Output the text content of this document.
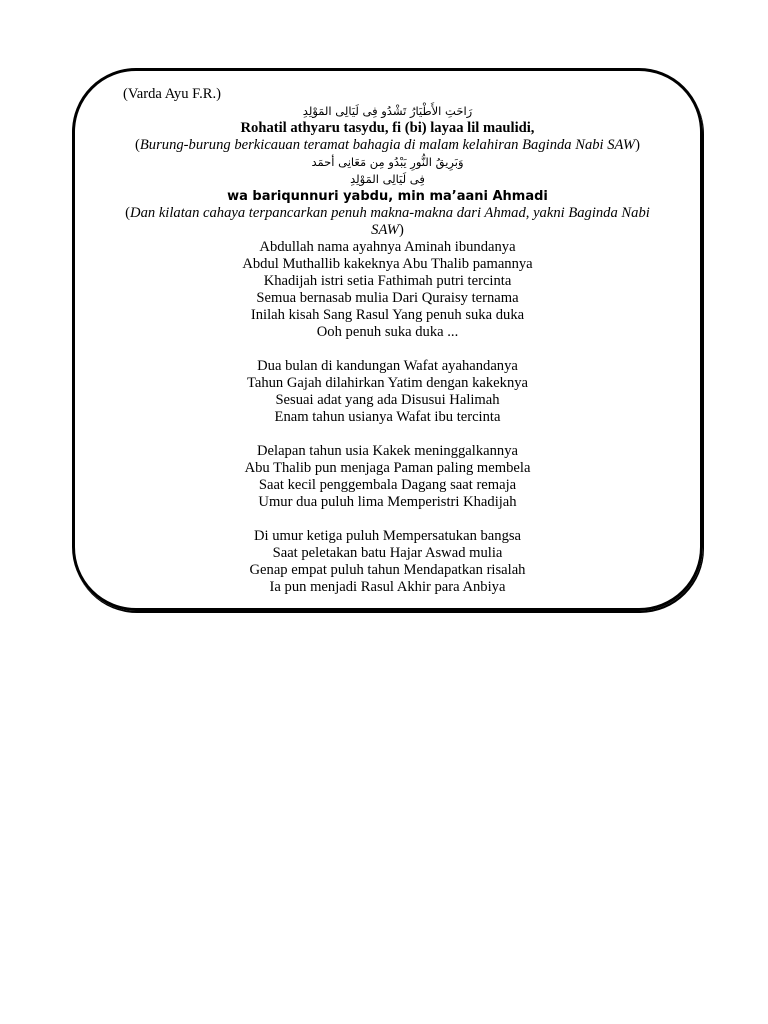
(Varda Ayu F.R.)

رَاحَتِ الأَطْيَارُ تَشْدُو فِى لَيَالِى المَوْلِدِ

Rohatil athyaru tasydu, fi (bi) layaa lil maulidi,

(Burung-burung berkicauan teramat bahagia di malam kelahiran Baginda Nabi SAW)

وَبَرِيقُ النُّورِ يَبْدُو مِن مَعَانِى أحمَد

فِى لَيَالِى المَوْلِدِ

wa bariqunnuri yabdu, min ma’aani Ahmadi

(Dan kilatan cahaya terpancarkan penuh makna-makna dari Ahmad, yakni Baginda Nabi

SAW)

Abdullah nama ayahnya Aminah ibundanya

Abdul Muthallib kakeknya Abu Thalib pamannya

Khadijah istri setia Fathimah putri tercinta

Semua bernasab mulia Dari Quraisy ternama

Inilah kisah Sang Rasul Yang penuh suka duka

Ooh penuh suka duka ...

Dua bulan di kandungan Wafat ayahandanya

Tahun Gajah dilahirkan Yatim dengan kakeknya

Sesuai adat yang ada Disusui Halimah

Enam tahun usianya Wafat ibu tercinta

Delapan tahun usia Kakek meninggalkannya

Abu Thalib pun menjaga Paman paling membela

Saat kecil penggembala Dagang saat remaja

Umur dua puluh lima Memperistri Khadijah

Di umur ketiga puluh Mempersatukan bangsa

Saat peletakan batu Hajar Aswad mulia

Genap empat puluh tahun Mendapatkan risalah

Ia pun menjadi Rasul Akhir para Anbiya
